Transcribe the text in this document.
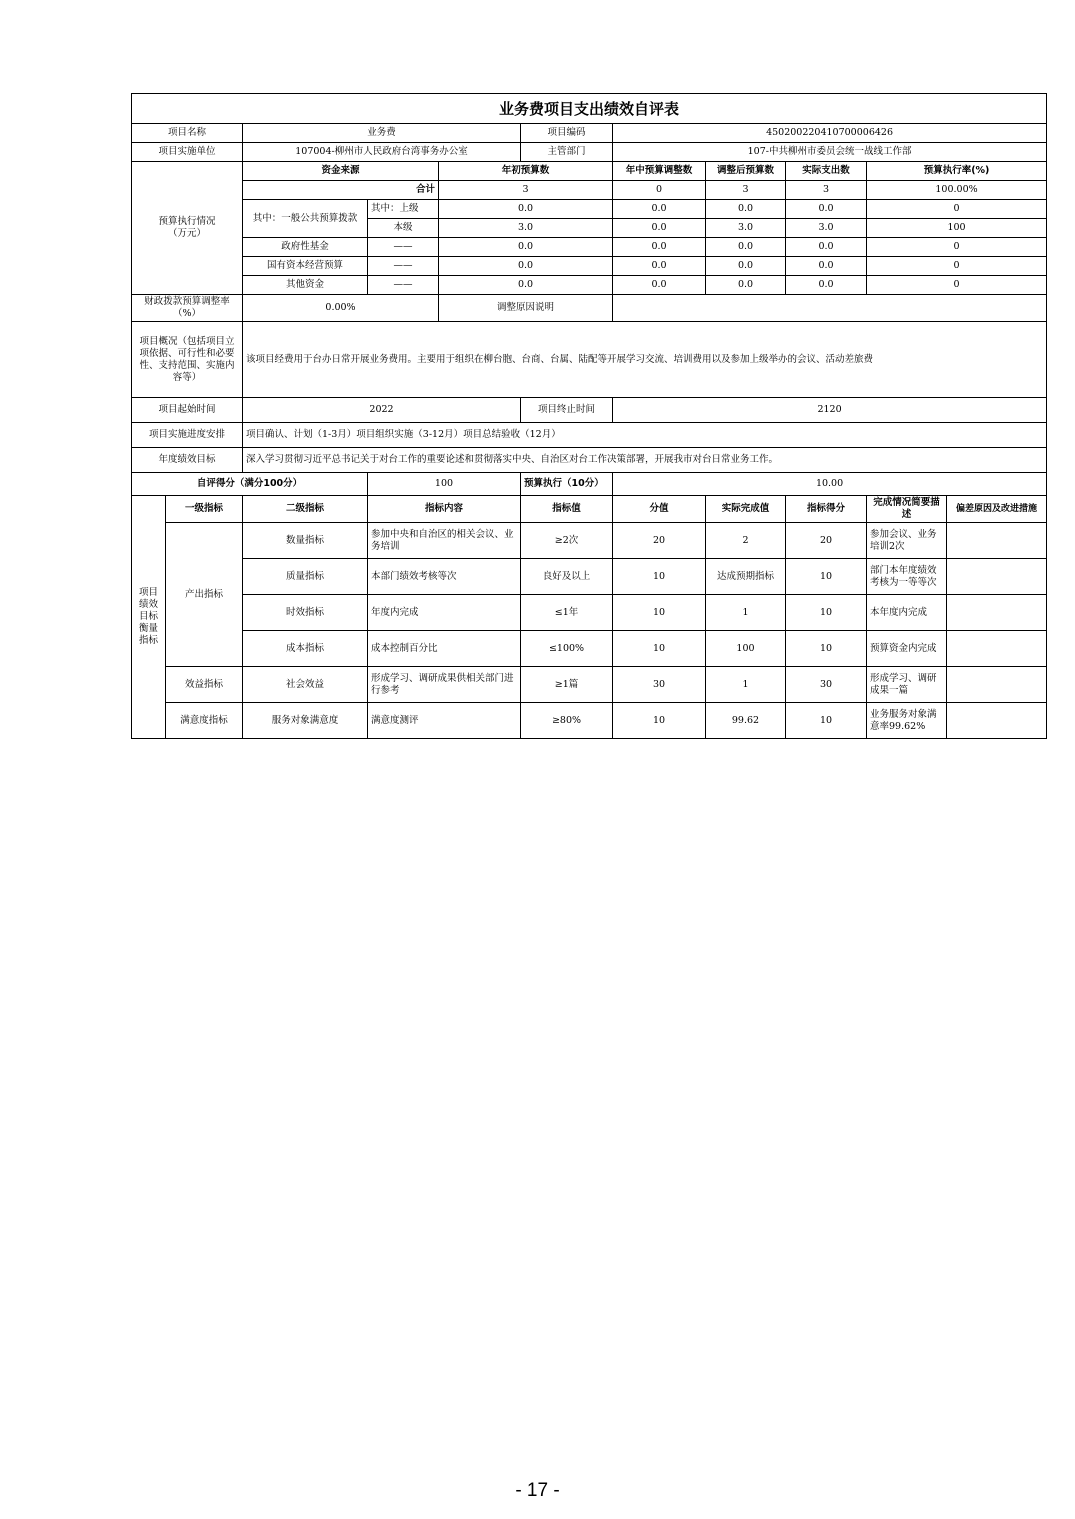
业务费项目支出绩效自评表										
项目名称		业务费			项目编码	450200220410700006426				
项目实施单位		107004-柳州市人民政府台湾事务办公室			主管部门	107-中共柳州市委员会统一战线工作部				
预算执行情况
（万元）		资金来源		年初预算数		年中预算调整数	调整后预算数	实际支出数	预算执行率(%)	
		合计		3		0	3	3	100.00%	
		其中：一般公共预算拨款	其中：上级	0.0		0.0	0.0	0.0	0	
			本级	3.0		0.0	3.0	3.0	100	
		政府性基金	——	0.0		0.0	0.0	0.0	0	
		国有资本经营预算	——	0.0		0.0	0.0	0.0	0	
		其他资金	——	0.0		0.0	0.0	0.0	0	
财政拨款预算调整率（%）		0.00%		调整原因说明						
项目概况（包括项目立项依据、可行性和必要性、支持范围、实施内容等）		该项目经费用于台办日常开展业务费用。主要用于组织在柳台胞、台商、台属、陆配等开展学习交流、培训费用以及参加上级举办的会议、活动差旅费								
项目起始时间		2022			项目终止时间	2120				
项目实施进度安排		项目确认、计划（1-3月）项目组织实施（3-12月）项目总结验收（12月）								
年度绩效目标		深入学习贯彻习近平总书记关于对台工作的重要论述和贯彻落实中央、自治区对台工作决策部署，开展我市对台日常业务工作。								
自评得分（满分100分）			100		预算执行（10分）	10.00				
项目绩效目标衡量指标	一级指标	二级指标	指标内容		指标值	分值	实际完成值	指标得分	完成情况简要描述	偏差原因及改进措施
	产出指标	数量指标	参加中央和自治区的相关会议、业务培训		≥2次	20	2	20	参加会议、业务培训2次	
		质量指标	本部门绩效考核等次		良好及以上	10	达成预期指标	10	部门本年度绩效考核为一等等次	
		时效指标	年度内完成		≤1年	10	1	10	本年度内完成	
		成本指标	成本控制百分比		≤100%	10	100	10	预算资金内完成	
	效益指标	社会效益	形成学习、调研成果供相关部门进行参考		≥1篇	30	1	30	形成学习、调研成果一篇	
	满意度指标	服务对象满意度	满意度测评		≥80%	10	99.62	10	业务服务对象满意率99.62%	
- 17 -
